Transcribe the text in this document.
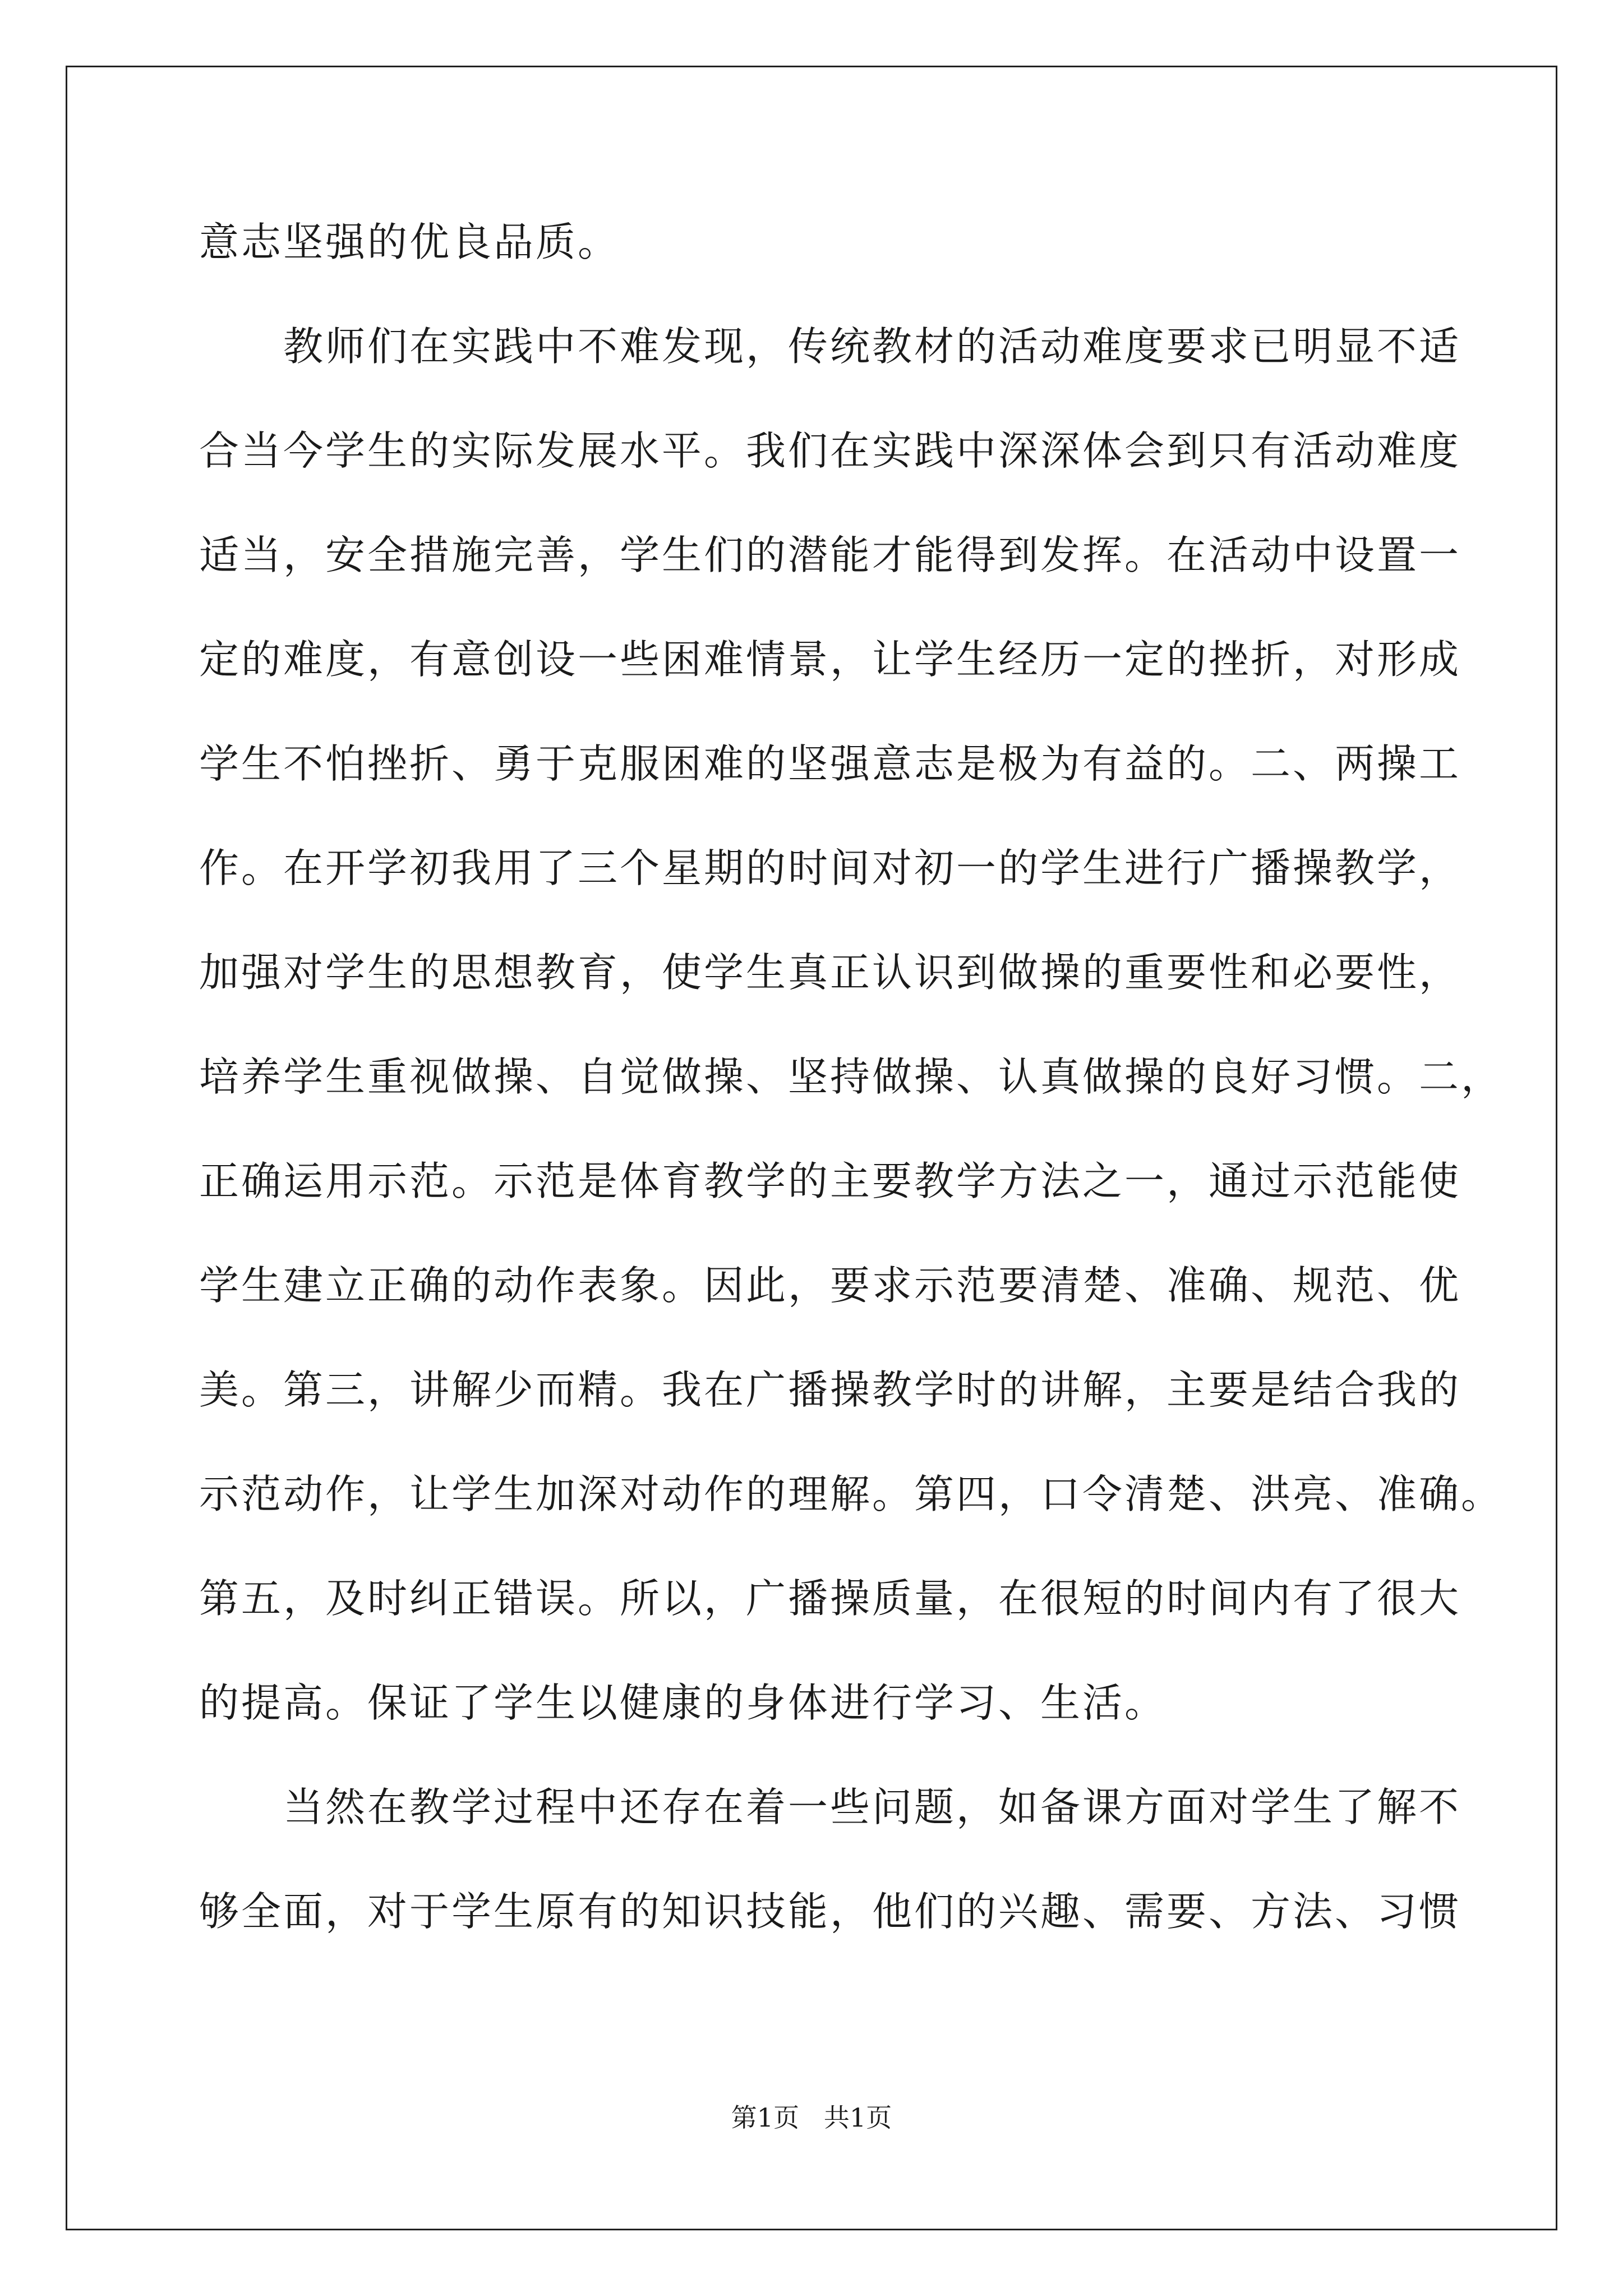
意志坚强的优良品质。
教师们在实践中不难发现，传统教材的活动难度要求已明显不适
合当今学生的实际发展水平。我们在实践中深深体会到只有活动难度
适当，安全措施完善，学生们的潜能才能得到发挥。在活动中设置一
定的难度，有意创设一些困难情景，让学生经历一定的挫折，对形成
学生不怕挫折、勇于克服困难的坚强意志是极为有益的。二、两操工
作。在开学初我用了三个星期的时间对初一的学生进行广播操教学，
加强对学生的思想教育，使学生真正认识到做操的重要性和必要性，
培养学生重视做操、自觉做操、坚持做操、认真做操的良好习惯。二，
正确运用示范。示范是体育教学的主要教学方法之一，通过示范能使
学生建立正确的动作表象。因此，要求示范要清楚、准确、规范、优
美。第三，讲解少而精。我在广播操教学时的讲解，主要是结合我的
示范动作，让学生加深对动作的理解。第四，口令清楚、洪亮、准确。
第五，及时纠正错误。所以，广播操质量，在很短的时间内有了很大
的提高。保证了学生以健康的身体进行学习、生活。
当然在教学过程中还存在着一些问题，如备课方面对学生了解不
够全面，对于学生原有的知识技能，他们的兴趣、需要、方法、习惯
第1页   共1页
